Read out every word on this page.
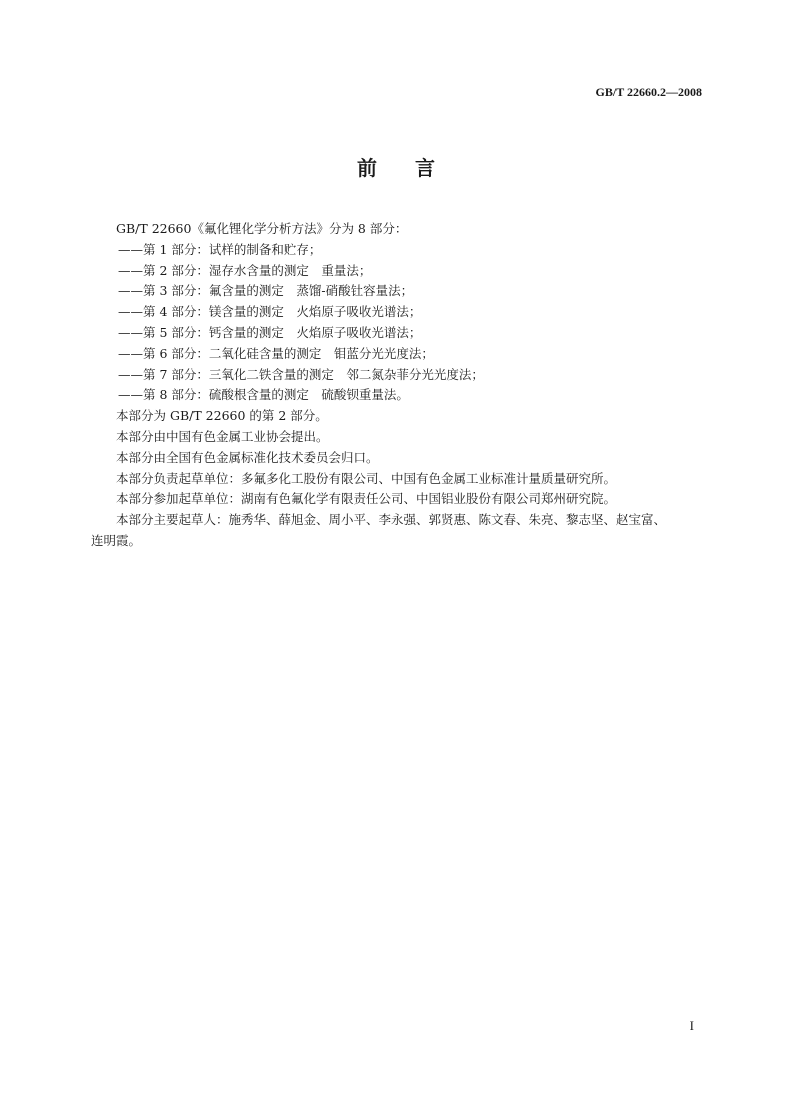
GB/T 22660.2—2008
前言
GB/T 22660《氟化锂化学分析方法》分为 8 部分：
——第 1 部分：试样的制备和贮存；
——第 2 部分：湿存水含量的测定　重量法；
——第 3 部分：氟含量的测定　蒸馏-硝酸钍容量法；
——第 4 部分：镁含量的测定　火焰原子吸收光谱法；
——第 5 部分：钙含量的测定　火焰原子吸收光谱法；
——第 6 部分：二氧化硅含量的测定　钼蓝分光光度法；
——第 7 部分：三氧化二铁含量的测定　邻二氮杂菲分光光度法；
——第 8 部分：硫酸根含量的测定　硫酸钡重量法。
本部分为 GB/T 22660 的第 2 部分。
本部分由中国有色金属工业协会提出。
本部分由全国有色金属标准化技术委员会归口。
本部分负责起草单位：多氟多化工股份有限公司、中国有色金属工业标准计量质量研究所。
本部分参加起草单位：湖南有色氟化学有限责任公司、中国铝业股份有限公司郑州研究院。
本部分主要起草人：施秀华、薛旭金、周小平、李永强、郭贤惠、陈文春、朱亮、黎志坚、赵宝富、
连明霞。
I
